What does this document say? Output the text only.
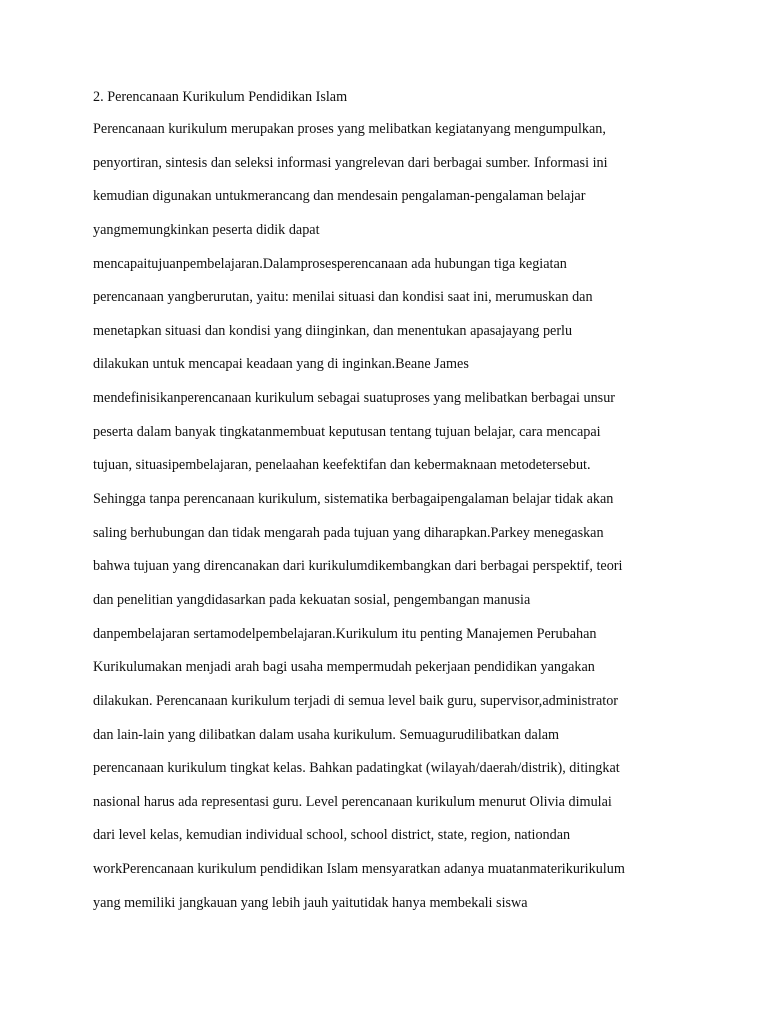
2. Perencanaan Kurikulum Pendidikan Islam
Perencanaan kurikulum merupakan proses yang melibatkan kegiatanyang mengumpulkan,
penyortiran, sintesis dan seleksi informasi yangrelevan dari berbagai sumber. Informasi ini
kemudian digunakan untukmerancang dan mendesain pengalaman-pengalaman belajar
yangmemungkinkan peserta didik dapat
mencapaitujuanpembelajaran.Dalamprosesperencanaan ada hubungan tiga kegiatan
perencanaan yangberurutan, yaitu: menilai situasi dan kondisi saat ini, merumuskan dan
menetapkan situasi dan kondisi yang diinginkan, dan menentukan apasajayang perlu
dilakukan untuk mencapai keadaan yang di inginkan.Beane James
mendefinisikanperencanaan kurikulum sebagai suatuproses yang melibatkan berbagai unsur
peserta dalam banyak tingkatanmembuat keputusan tentang tujuan belajar, cara mencapai
tujuan, situasipembelajaran, penelaahan keefektifan dan kebermaknaan metodetersebut.
Sehingga tanpa perencanaan kurikulum, sistematika berbagaipengalaman belajar tidak akan
saling berhubungan dan tidak mengarah pada tujuan yang diharapkan.Parkey menegaskan
bahwa tujuan yang direncanakan dari kurikulumdikembangkan dari berbagai perspektif, teori
dan penelitian yangdidasarkan pada kekuatan sosial, pengembangan manusia
danpembelajaran sertamodelpembelajaran.Kurikulum itu penting Manajemen Perubahan
Kurikulumakan menjadi arah bagi usaha mempermudah pekerjaan pendidikan yangakan
dilakukan. Perencanaan kurikulum terjadi di semua level baik guru, supervisor,administrator
dan lain-lain yang dilibatkan dalam usaha kurikulum. Semuagurudilibatkan dalam
perencanaan kurikulum tingkat kelas. Bahkan padatingkat (wilayah/daerah/distrik), ditingkat
nasional harus ada representasi guru. Level perencanaan kurikulum menurut Olivia dimulai
dari level kelas, kemudian individual school, school district, state, region, nationdan
workPerencanaan kurikulum pendidikan Islam mensyaratkan adanya muatanmaterikurikulum
yang memiliki jangkauan yang lebih jauh yaitutidak hanya membekali siswa
